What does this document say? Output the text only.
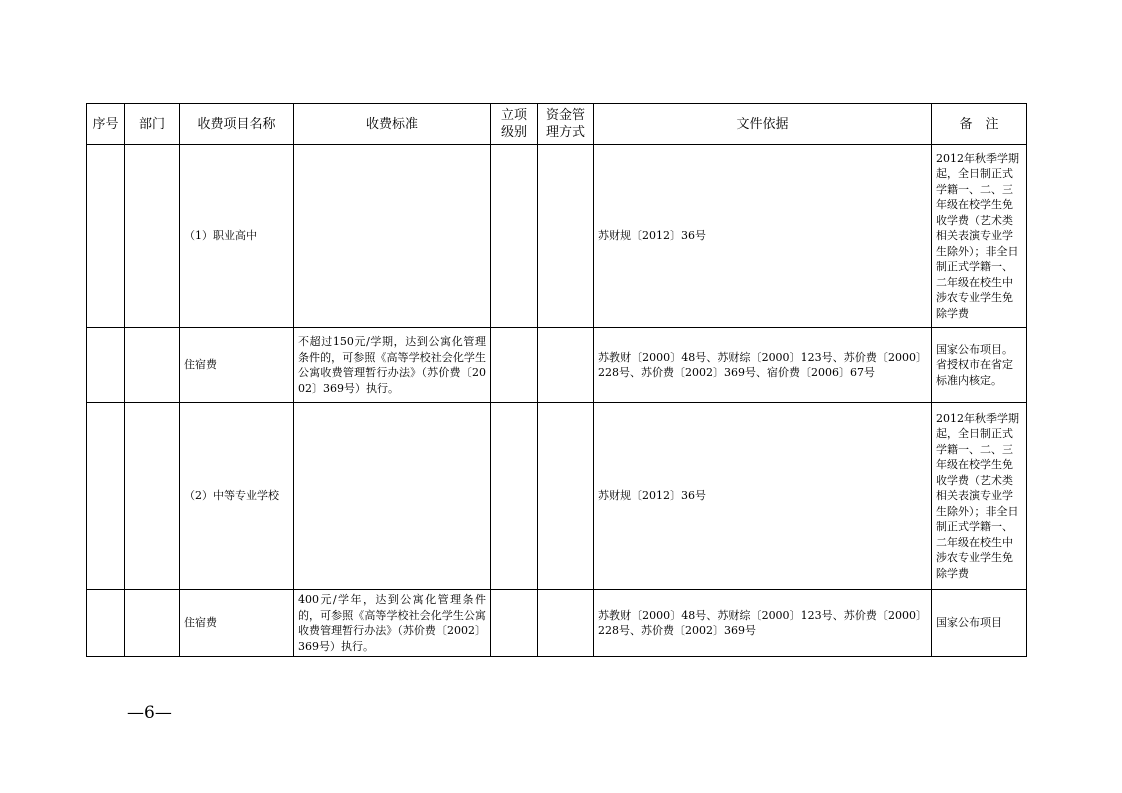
序号	部门	收费项目名称	收费标准	立项级别	资金管理方式	文件依据	备　注
		（1）职业高中				苏财规〔2012〕36号	2012年秋季学期起，全日制正式学籍一、二、三年级在校学生免收学费（艺术类相关表演专业学生除外）；非全日制正式学籍一、二年级在校生中涉农专业学生免除学费
		住宿费	不超过150元/学期，达到公寓化管理条件的，可参照《高等学校社会化学生公寓收费管理暂行办法》（苏价费〔2002〕369号）执行。			苏教财〔2000〕48号、苏财综〔2000〕123号、苏价费〔2000〕228号、苏价费〔2002〕369号、宿价费〔2006〕67号	国家公布项目。省授权市在省定标准内核定。
		（2）中等专业学校				苏财规〔2012〕36号	2012年秋季学期起，全日制正式学籍一、二、三年级在校学生免收学费（艺术类相关表演专业学生除外）；非全日制正式学籍一、二年级在校生中涉农专业学生免除学费
		住宿费	400元/学年，达到公寓化管理条件的，可参照《高等学校社会化学生公寓收费管理暂行办法》（苏价费〔2002〕369号）执行。			苏教财〔2000〕48号、苏财综〔2000〕123号、苏价费〔2000〕228号、苏价费〔2002〕369号	国家公布项目
—6—
